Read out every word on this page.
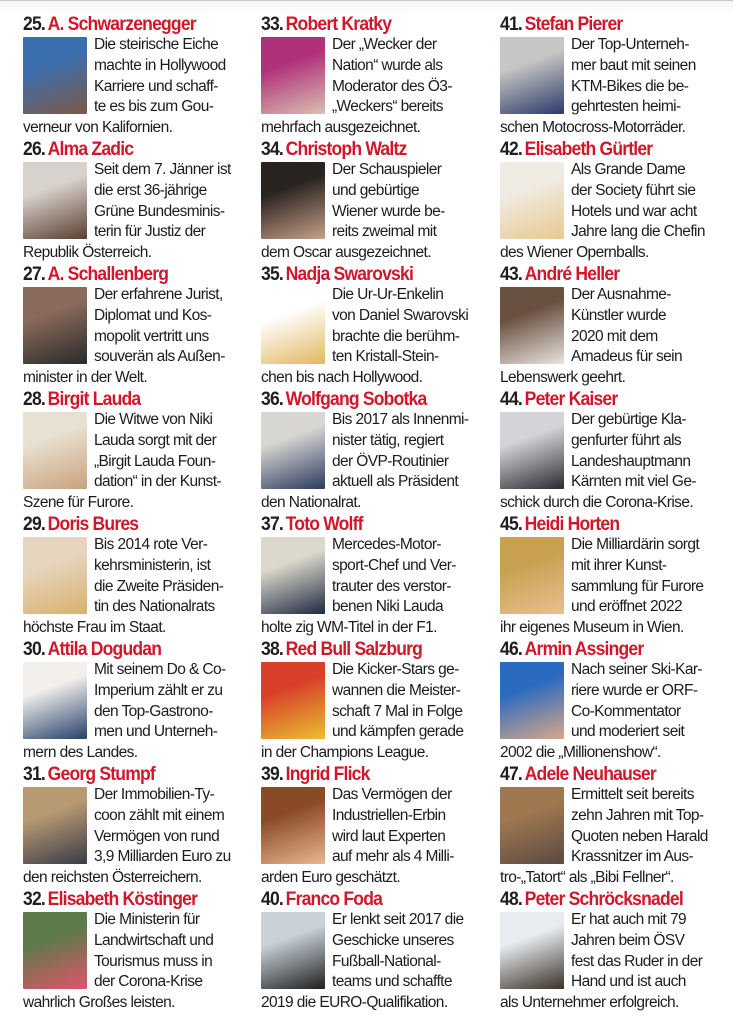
25. A. Schwarzenegger
Die steirische Eiche
machte in Hollywood
Karriere und schaff-
te es bis zum Gou-
verneur von Kalifornien.
26. Alma Zadic
Seit dem 7. Jänner ist
die erst 36-jährige
Grüne Bundesminis-
terin für Justiz der
Republik Österreich.
27. A. Schallenberg
Der erfahrene Jurist,
Diplomat und Kos-
mopolit vertritt uns
souverän als Außen-
minister in der Welt.
28. Birgit Lauda
Die Witwe von Niki
Lauda sorgt mit der
„Birgit Lauda Foun-
dation“ in der Kunst-
Szene für Furore.
29. Doris Bures
Bis 2014 rote Ver-
kehrsministerin, ist
die Zweite Präsiden-
tin des Nationalrats
höchste Frau im Staat.
30. Attila Dogudan
Mit seinem Do & Co-
Imperium zählt er zu
den Top-Gastrono-
men und Unterneh-
mern des Landes.
31. Georg Stumpf
Der Immobilien-Ty-
coon zählt mit einem
Vermögen von rund
3,9 Milliarden Euro zu
den reichsten Österreichern.
32. Elisabeth Köstinger
Die Ministerin für
Landwirtschaft und
Tourismus muss in
der Corona-Krise
wahrlich Großes leisten.
33. Robert Kratky
Der „Wecker der
Nation“ wurde als
Moderator des Ö3-
„Weckers“ bereits
mehrfach ausgezeichnet.
34. Christoph Waltz
Der Schauspieler
und gebürtige
Wiener wurde be-
reits zweimal mit
dem Oscar ausgezeichnet.
35. Nadja Swarovski
Die Ur-Ur-Enkelin
von Daniel Swarovski
brachte die berühm-
ten Kristall-Stein-
chen bis nach Hollywood.
36. Wolfgang Sobotka
Bis 2017 als Innenmi-
nister tätig, regiert
der ÖVP-Routinier
aktuell als Präsident
den Nationalrat.
37. Toto Wolff
Mercedes-Motor-
sport-Chef und Ver-
trauter des verstor-
benen Niki Lauda
holte zig WM-Titel in der F1.
38. Red Bull Salzburg
Die Kicker-Stars ge-
wannen die Meister-
schaft 7 Mal in Folge
und kämpfen gerade
in der Champions League.
39. Ingrid Flick
Das Vermögen der
Industriellen-Erbin
wird laut Experten
auf mehr als 4 Milli-
arden Euro geschätzt.
40. Franco Foda
Er lenkt seit 2017 die
Geschicke unseres
Fußball-National-
teams und schaffte
2019 die EURO-Qualifikation.
41. Stefan Pierer
Der Top-Unterneh-
mer baut mit seinen
KTM-Bikes die be-
gehrtesten heimi-
schen Motocross-Motorräder.
42. Elisabeth Gürtler
Als Grande Dame
der Society führt sie
Hotels und war acht
Jahre lang die Chefin
des Wiener Opernballs.
43. André Heller
Der Ausnahme-
Künstler wurde
2020 mit dem
Amadeus für sein
Lebenswerk geehrt.
44. Peter Kaiser
Der gebürtige Kla-
genfurter führt als
Landeshauptmann
Kärnten mit viel Ge-
schick durch die Corona-Krise.
45. Heidi Horten
Die Milliardärin sorgt
mit ihrer Kunst-
sammlung für Furore
und eröffnet 2022
ihr eigenes Museum in Wien.
46. Armin Assinger
Nach seiner Ski-Kar-
riere wurde er ORF-
Co-Kommentator
und moderiert seit
2002 die „Millionenshow“.
47. Adele Neuhauser
Ermittelt seit bereits
zehn Jahren mit Top-
Quoten neben Harald
Krassnitzer im Aus-
tro-„Tatort“ als „Bibi Fellner“.
48. Peter Schröcksnadel
Er hat auch mit 79
Jahren beim ÖSV
fest das Ruder in der
Hand und ist auch
als Unternehmer erfolgreich.
